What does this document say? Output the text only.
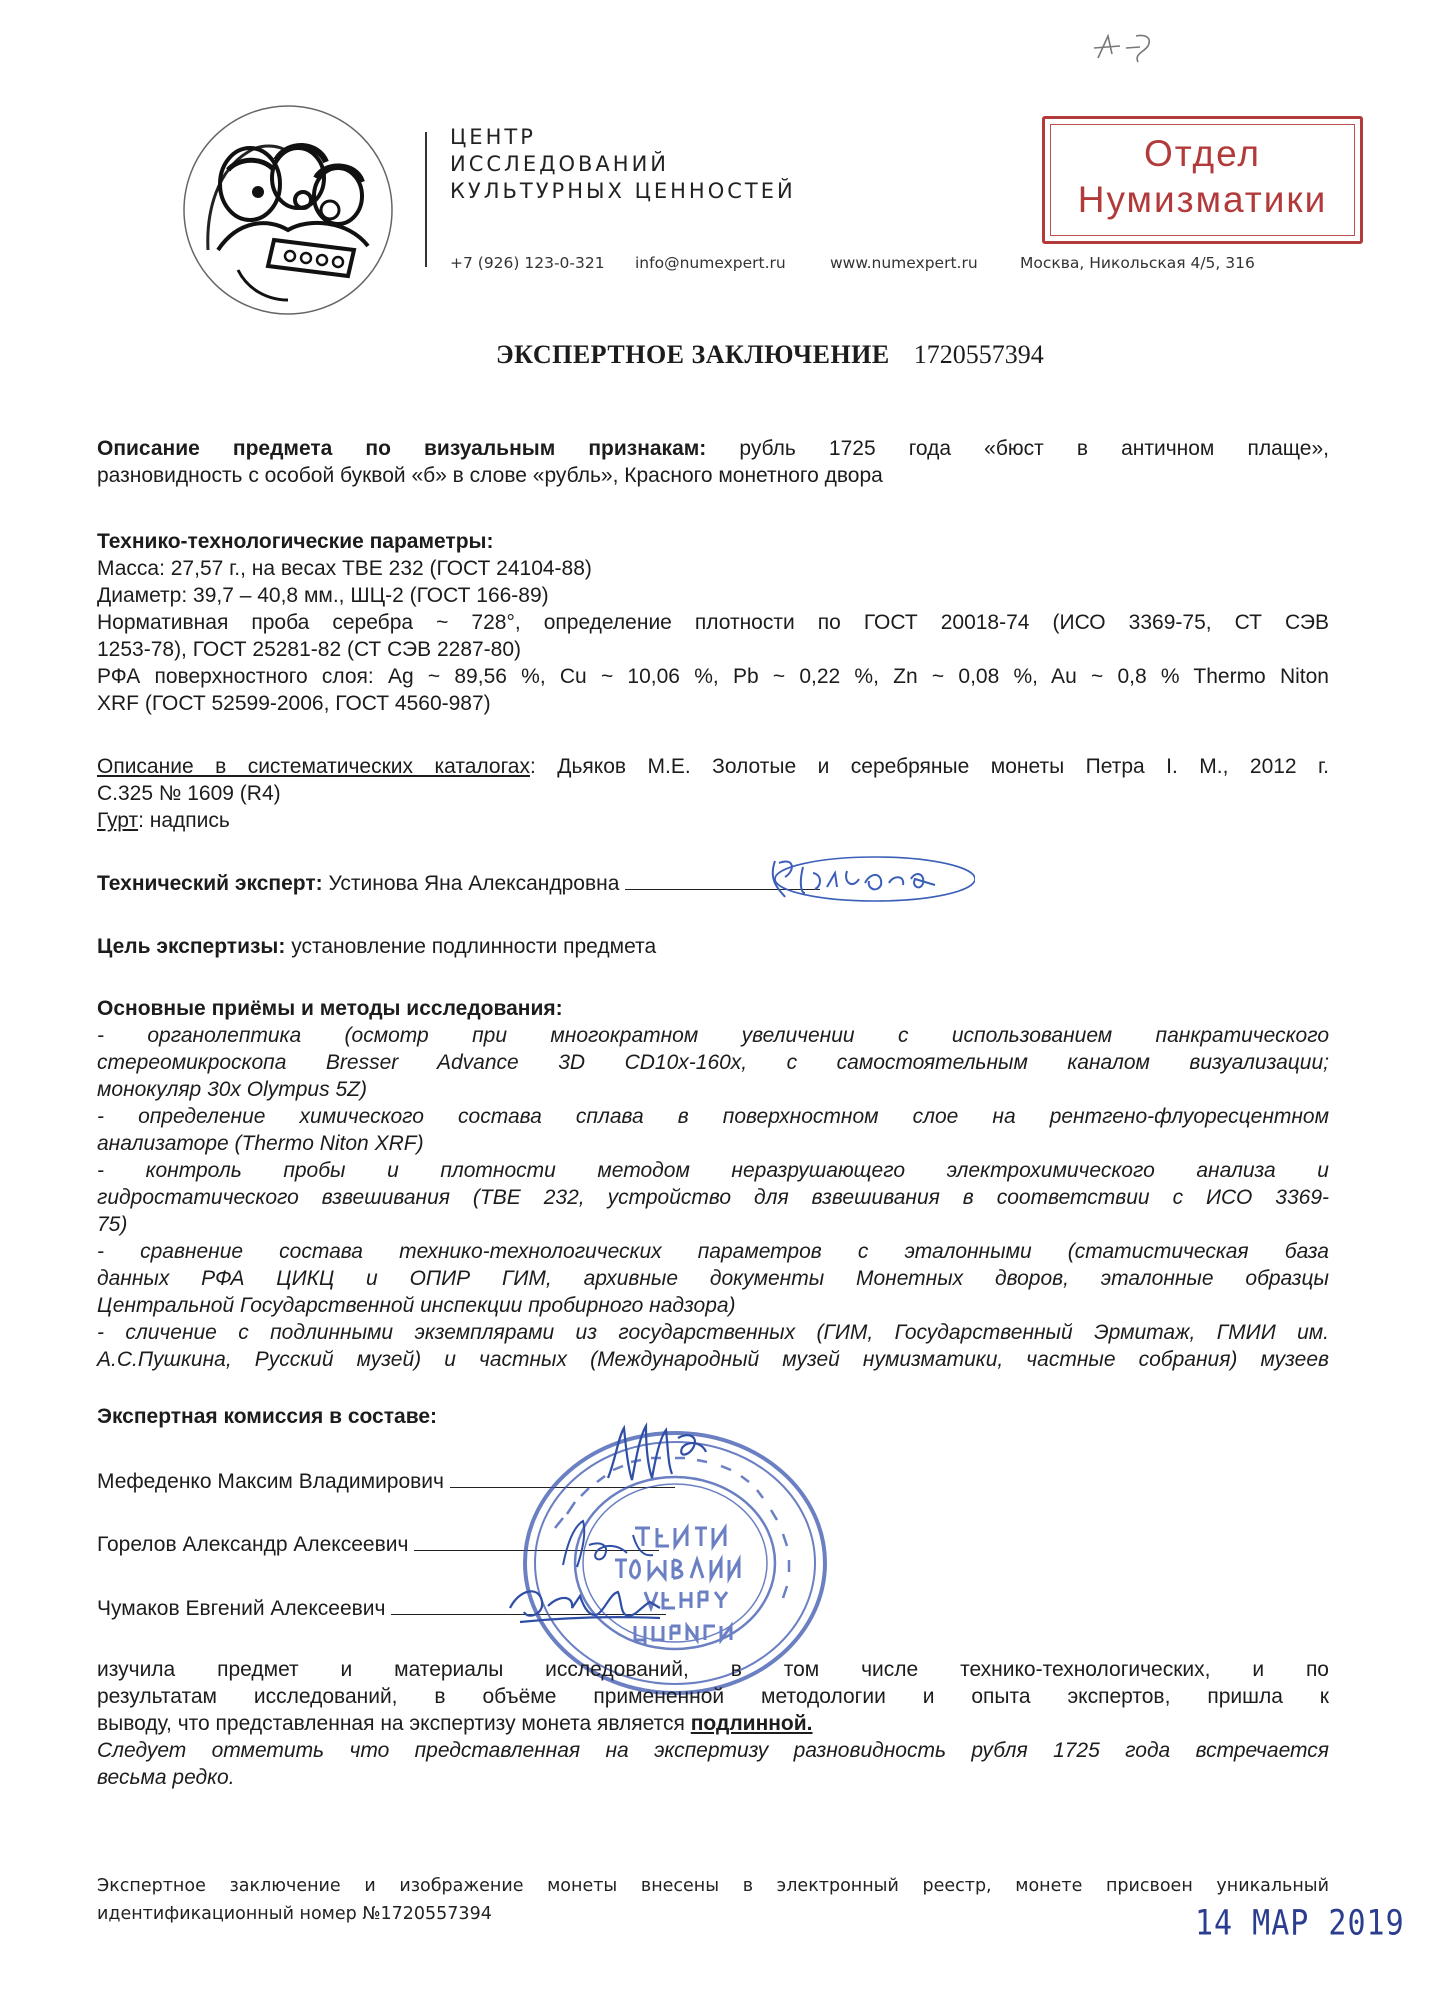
ЦЕНТР
ИССЛЕДОВАНИЙ
КУЛЬТУРНЫХ ЦЕННОСТЕЙ
+7 (926) 123-0-321 info@numexpert.ru	www.numexpert.ru	Москва, Никольская 4/5, 316
Отдел
Нумизматики
ЭКСПЕРТНОЕ ЗАКЛЮЧЕНИЕ 1720557394
Описание предмета по визуальным признакам: рубль 1725 года «бюст в античном плаще»,
разновидность с особой буквой «б» в слове «рубль», Красного монетного двора
Технико-технологические параметры:
Масса: 27,57 г., на весах ТВЕ 232 (ГОСТ 24104-88)
Диаметр: 39,7 – 40,8 мм., ШЦ-2 (ГОСТ 166-89)
Нормативная проба серебра ~ 728°, определение плотности по ГОСТ 20018-74 (ИСО 3369-75, СТ СЭВ
1253-78), ГОСТ 25281-82 (СТ СЭВ 2287-80)
РФА поверхностного слоя: Ag ~ 89,56 %, Cu ~ 10,06 %, Pb ~ 0,22 %, Zn ~ 0,08 %, Au ~ 0,8 % Thermo Niton
XRF (ГОСТ 52599-2006, ГОСТ 4560-987)
Описание в систематических каталогах: Дьяков М.Е. Золотые и серебряные монеты Петра I. М., 2012 г.
С.325 № 1609 (R4)
Гурт: надпись
Технический эксперт: Устинова Яна Александровна
Цель экспертизы: установление подлинности предмета
Основные приёмы и методы исследования:
- органолептика (осмотр при многократном увеличении с использованием панкратического
стереомикроскопа Bresser Advance 3D CD10x-160x, с самостоятельным каналом визуализации;
монокуляр 30х Olympus 5Z)
- определение химического состава сплава в поверхностном слое на рентгено-флуоресцентном
анализаторе (Thermo Niton XRF)
- контроль пробы и плотности методом неразрушающего электрохимического анализа и
гидростатического взвешивания (ТВЕ 232, устройство для взвешивания в соответствии с ИСО 3369-
75)
- сравнение состава технико-технологических параметров с эталонными (статистическая база
данных РФА ЦИКЦ и ОПИР ГИМ, архивные документы Монетных дворов, эталонные образцы
Центральной Государственной инспекции пробирного надзора)
- сличение с подлинными экземплярами из государственных (ГИМ, Государственный Эрмитаж, ГМИИ им.
А.С.Пушкина, Русский музей) и частных (Международный музей нумизматики, частные собрания) музеев
Экспертная комиссия в составе:
Мефеденко Максим Владимирович
Горелов Александр Алексеевич
Чумаков Евгений Алексеевич
изучила предмет и материалы исследований, в том числе технико-технологических, и по
результатам исследований, в объёме примененной методологии и опыта экспертов, пришла к
выводу, что представленная на экспертизу монета является подлинной.
Следует отметить что представленная на экспертизу разновидность рубля 1725 года встречается
весьма редко.
Экспертное заключение и изображение монеты внесены в электронный реестр, монете присвоен уникальный
идентификационный номер №1720557394	14 МАР 2019
